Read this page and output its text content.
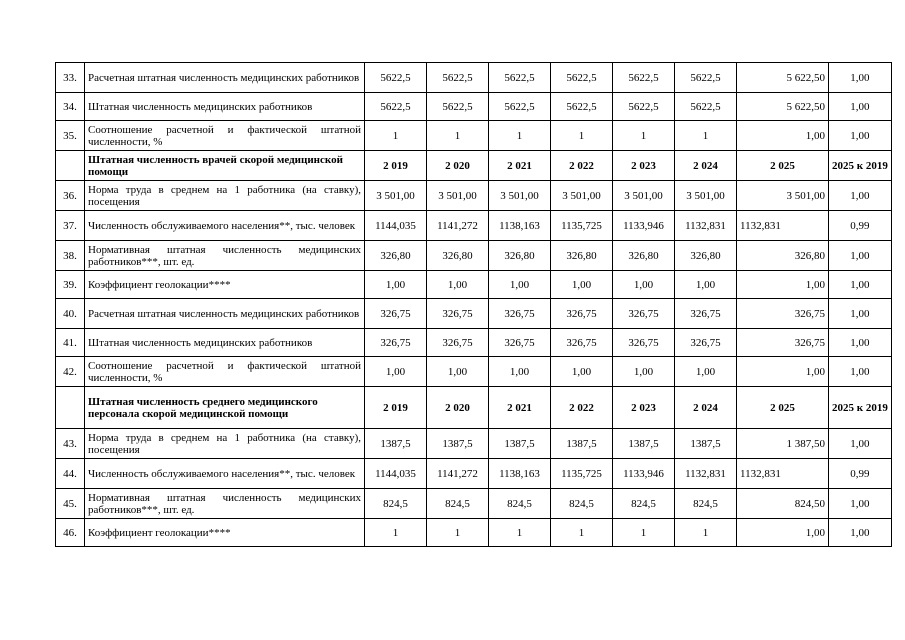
33.	Расчетная штатная численность медицинских работников	5622,5	5622,5	5622,5	5622,5	5622,5	5622,5	5 622,50	1,00
34.	Штатная численность медицинских работников	5622,5	5622,5	5622,5	5622,5	5622,5	5622,5	5 622,50	1,00
35.	Соотношение расчетной и фактической штатной численности, %	1	1	1	1	1	1	1,00	1,00
	Штатная численность врачей скорой медицинской помощи	2 019	2 020	2 021	2 022	2 023	2 024	2 025	2025 к 2019
36.	Норма труда в среднем на 1 работника (на ставку), посещения	3 501,00	3 501,00	3 501,00	3 501,00	3 501,00	3 501,00	3 501,00	1,00
37.	Численность обслуживаемого населения**, тыс. человек	1144,035	1141,272	1138,163	1135,725	1133,946	1132,831	1132,831	0,99
38.	Нормативная штатная численность медицинских работников***, шт. ед.	326,80	326,80	326,80	326,80	326,80	326,80	326,80	1,00
39.	Коэффициент геолокации****	1,00	1,00	1,00	1,00	1,00	1,00	1,00	1,00
40.	Расчетная штатная численность медицинских работников	326,75	326,75	326,75	326,75	326,75	326,75	326,75	1,00
41.	Штатная численность медицинских работников	326,75	326,75	326,75	326,75	326,75	326,75	326,75	1,00
42.	Соотношение расчетной и фактической штатной численности, %	1,00	1,00	1,00	1,00	1,00	1,00	1,00	1,00
	Штатная численность среднего медицинского персонала скорой медицинской помощи	2 019	2 020	2 021	2 022	2 023	2 024	2 025	2025 к 2019
43.	Норма труда в среднем на 1 работника (на ставку), посещения	1387,5	1387,5	1387,5	1387,5	1387,5	1387,5	1 387,50	1,00
44.	Численность обслуживаемого населения**, тыс. человек	1144,035	1141,272	1138,163	1135,725	1133,946	1132,831	1132,831	0,99
45.	Нормативная штатная численность медицинских работников***, шт. ед.	824,5	824,5	824,5	824,5	824,5	824,5	824,50	1,00
46.	Коэффициент геолокации****	1	1	1	1	1	1	1,00	1,00
